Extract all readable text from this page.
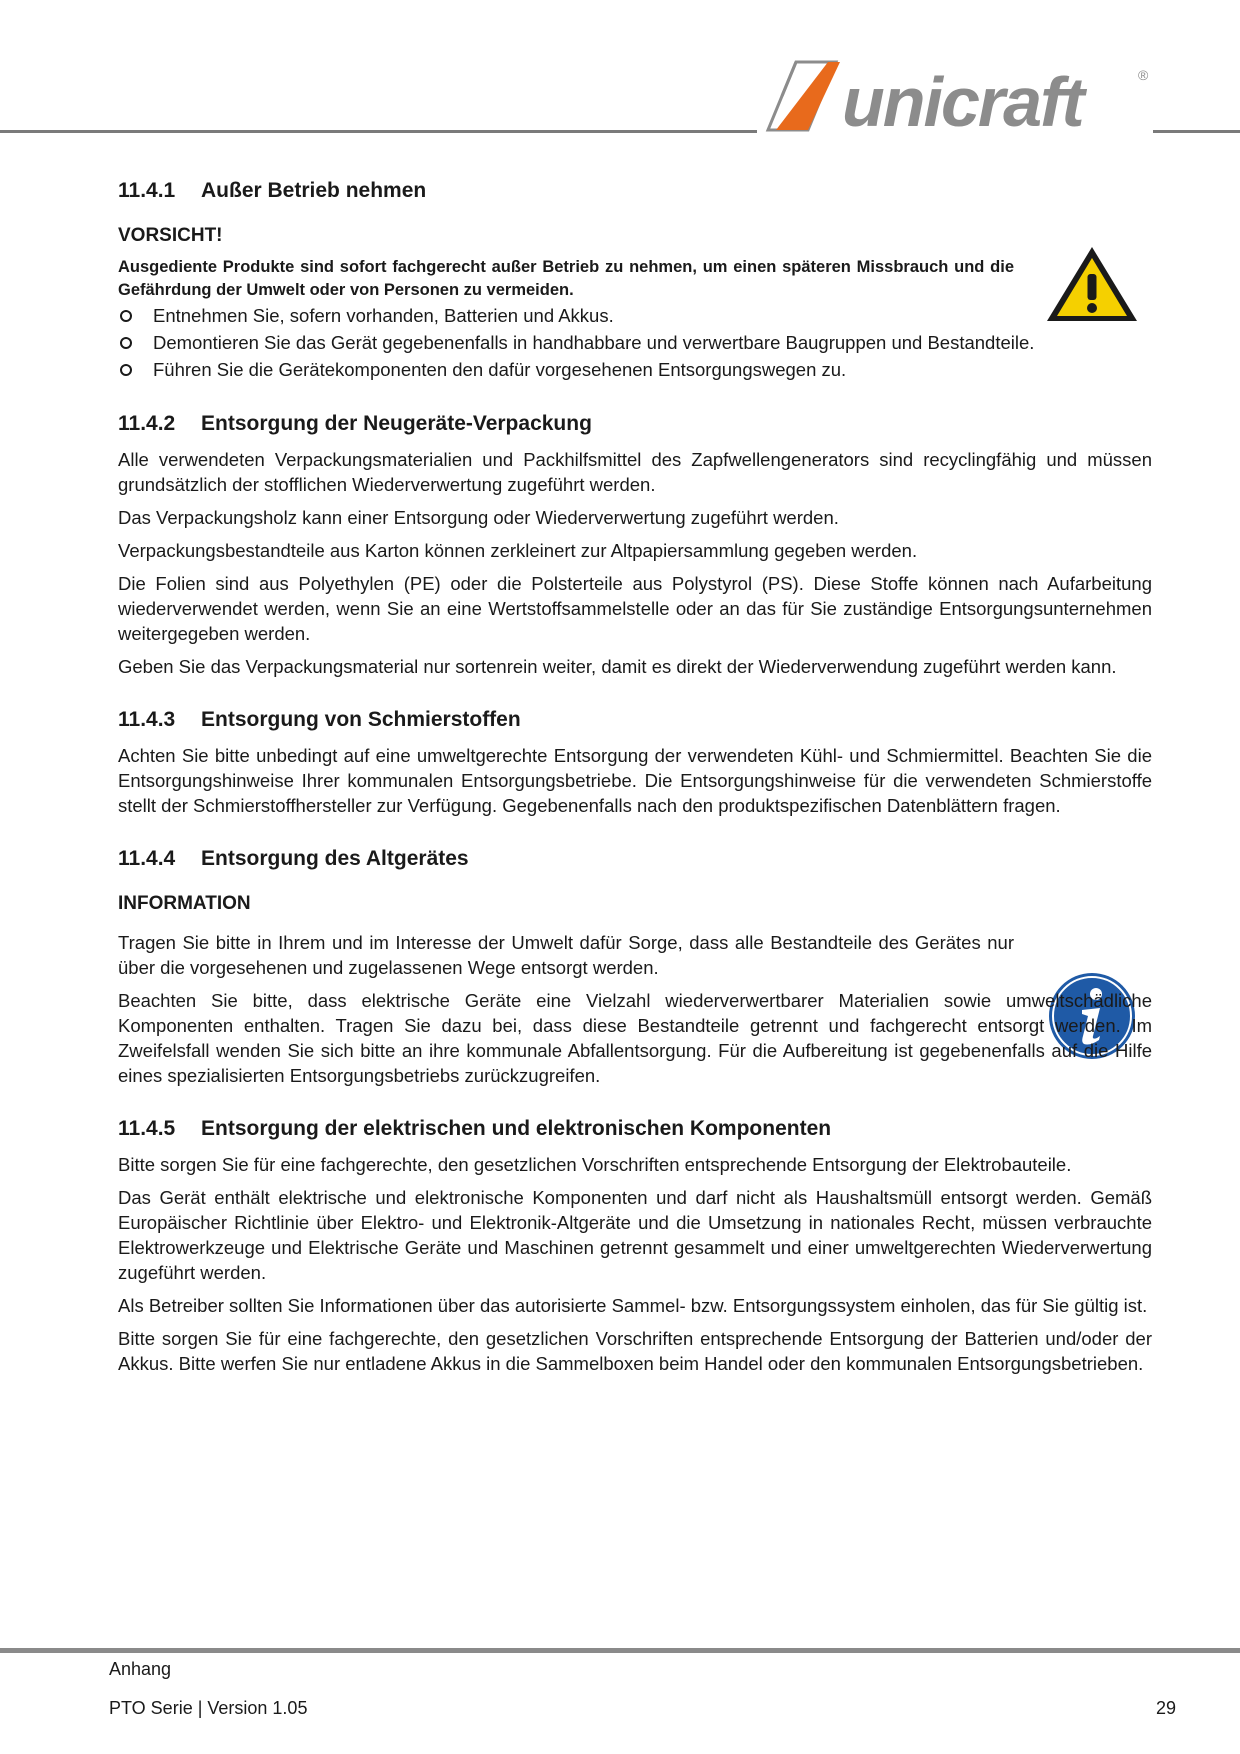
unicraft	®
11.4.1 Außer Betrieb nehmen
VORSICHT!

Ausgediente Produkte sind sofort fachgerecht außer Betrieb zu nehmen, um einen späteren Missbrauch und die Gefährdung der Umwelt oder von Personen zu vermeiden.

Entnehmen Sie, sofern vorhanden, Batterien und Akkus.
Demontieren Sie das Gerät gegebenenfalls in handhabbare und verwertbare Baugruppen und Bestandteile.
Führen Sie die Gerätekomponenten den dafür vorgesehenen Entsorgungswegen zu.
11.4.2 Entsorgung der Neugeräte-Verpackung

Alle verwendeten Verpackungsmaterialien und Packhilfsmittel des Zapfwellengenerators sind recyclingfähig und müssen grundsätzlich der stofflichen Wiederverwertung zugeführt werden.

Das Verpackungsholz kann einer Entsorgung oder Wiederverwertung zugeführt werden.

Verpackungsbestandteile aus Karton können zerkleinert zur Altpapiersammlung gegeben werden.

Die Folien sind aus Polyethylen (PE) oder die Polsterteile aus Polystyrol (PS). Diese Stoffe können nach Aufarbeitung wiederverwendet werden, wenn Sie an eine Wertstoffsammelstelle oder an das für Sie zuständige Entsorgungsunternehmen weitergegeben werden.

Geben Sie das Verpackungsmaterial nur sortenrein weiter, damit es direkt der Wiederverwendung zugeführt werden kann.

11.4.3 Entsorgung von Schmierstoffen

Achten Sie bitte unbedingt auf eine umweltgerechte Entsorgung der verwendeten Kühl- und Schmiermittel. Beachten Sie die Entsorgungshinweise Ihrer kommunalen Entsorgungsbetriebe. Die Entsorgungshinweise für die verwendeten Schmierstoffe stellt der Schmierstoffhersteller zur Verfügung. Gegebenenfalls nach den produktspezifischen Datenblättern fragen.

11.4.4 Entsorgung des Altgerätes
INFORMATION

Tragen Sie bitte in Ihrem und im Interesse der Umwelt dafür Sorge, dass alle Bestandteile des Gerätes nur über die vorgesehenen und zugelassenen Wege entsorgt werden.

Beachten Sie bitte, dass elektrische Geräte eine Vielzahl wiederverwertbarer Materialien sowie umweltschädliche Komponenten enthalten. Tragen Sie dazu bei, dass diese Bestandteile getrennt und fachgerecht entsorgt werden. Im Zweifelsfall wenden Sie sich bitte an ihre kommunale Abfallentsorgung. Für die Aufbereitung ist gegebenenfalls auf die Hilfe eines spezialisierten Entsorgungsbetriebs zurückzugreifen.

11.4.5 Entsorgung der elektrischen und elektronischen Komponenten

Bitte sorgen Sie für eine fachgerechte, den gesetzlichen Vorschriften entsprechende Entsorgung der Elektrobauteile.

Das Gerät enthält elektrische und elektronische Komponenten und darf nicht als Haushaltsmüll entsorgt werden. Gemäß Europäischer Richtlinie über Elektro- und Elektronik-Altgeräte und die Umsetzung in nationales Recht, müssen verbrauchte Elektrowerkzeuge und Elektrische Geräte und Maschinen getrennt gesammelt und einer umweltgerechten Wiederverwertung zugeführt werden.

Als Betreiber sollten Sie Informationen über das autorisierte Sammel- bzw. Entsorgungssystem einholen, das für Sie gültig ist.

Bitte sorgen Sie für eine fachgerechte, den gesetzlichen Vorschriften entsprechende Entsorgung der Batterien und/oder der Akkus. Bitte werfen Sie nur entladene Akkus in die Sammelboxen beim Handel oder den kommunalen Entsorgungsbetrieben.

Anhang
PTO Serie | Version 1.05	29
